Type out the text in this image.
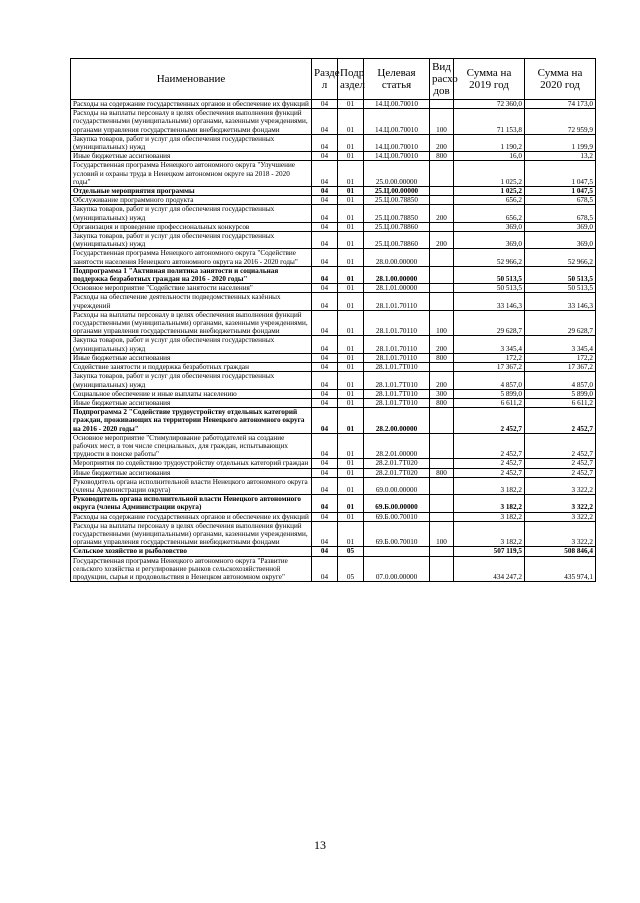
Наименование	Разде л	Подр аздел	Целевая статья	Вид расхо дов	Сумма на 2019 год	Сумма на 2020 год
Расходы на содержание государственных органов и обеспечение их функций	04	01	14.Ц.00.70010		72 360,0	74 173,0
Расходы на выплаты персоналу в целях обеспечения выполнения функций государственными (муниципальными) органами, казенными учреждениями, органами управления государственными внебюджетными фондами	04	01	14.Ц.00.70010	100	71 153,8	72 959,9
Закупка товаров, работ и услуг для обеспечения государственных (муниципальных) нужд	04	01	14.Ц.00.70010	200	1 190,2	1 199,9
Иные бюджетные ассигнования	04	01	14.Ц.00.70010	800	16,0	13,2
Государственная программа Ненецкого автономного округа "Улучшение условий и охраны труда в Ненецком автономном округе на 2018 - 2020 годы"	04	01	25.0.00.00000		1 025,2	1 047,5
Отдельные мероприятия программы	04	01	25.Ц.00.00000		1 025,2	1 047,5
Обслуживание программного продукта	04	01	25.Ц.00.78850		656,2	678,5
Закупка товаров, работ и услуг для обеспечения государственных (муниципальных) нужд	04	01	25.Ц.00.78850	200	656,2	678,5
Организация и проведение профессиональных конкурсов	04	01	25.Ц.00.78860		369,0	369,0
Закупка товаров, работ и услуг для обеспечения государственных (муниципальных) нужд	04	01	25.Ц.00.78860	200	369,0	369,0
Государственная программа Ненецкого автономного округа "Содействие занятости населения Ненецкого автономного округа на 2016 - 2020 годы"	04	01	28.0.00.00000		52 966,2	52 966,2
Подпрограмма 1 "Активная политика занятости и социальная поддержка безработных граждан на 2016 - 2020 годы"	04	01	28.1.00.00000		50 513,5	50 513,5
Основное мероприятие "Содействие занятости населения"	04	01	28.1.01.00000		50 513,5	50 513,5
Расходы на обеспечение деятельности подведомственных казённых учреждений	04	01	28.1.01.70110		33 146,3	33 146,3
Расходы на выплаты персоналу в целях обеспечения выполнения функций государственными (муниципальными) органами, казенными учреждениями, органами управления государственными внебюджетными фондами	04	01	28.1.01.70110	100	29 628,7	29 628,7
Закупка товаров, работ и услуг для обеспечения государственных (муниципальных) нужд	04	01	28.1.01.70110	200	3 345,4	3 345,4
Иные бюджетные ассигнования	04	01	28.1.01.70110	800	172,2	172,2
Содействие занятости и поддержка безработных граждан	04	01	28.1.01.7T010		17 367,2	17 367,2
Закупка товаров, работ и услуг для обеспечения государственных (муниципальных) нужд	04	01	28.1.01.7T010	200	4 857,0	4 857,0
Социальное обеспечение и иные выплаты населению	04	01	28.1.01.7T010	300	5 899,0	5 899,0
Иные бюджетные ассигнования	04	01	28.1.01.7T010	800	6 611,2	6 611,2
Подпрограмма 2 "Содействие трудоустройству отдельных категорий граждан, проживающих на территории Ненецкого автономного округа на 2016 - 2020 годы"	04	01	28.2.00.00000		2 452,7	2 452,7
Основное мероприятие "Стимулирование работодателей на создание рабочих мест, в том числе специальных, для граждан, испытывающих трудности в поиске работы"	04	01	28.2.01.00000		2 452,7	2 452,7
Мероприятия по содействию трудоустройству отдельных категорий граждан	04	01	28.2.01.7T020		2 452,7	2 452,7
Иные бюджетные ассигнования	04	01	28.2.01.7T020	800	2 452,7	2 452,7
Руководитель органа исполнительной власти Ненецкого автономного округа (члены Администрации округа)	04	01	69.0.00.00000		3 182,2	3 322,2
Руководитель органа исполнительной власти Ненецкого автономного округа (члены Администрации округа)	04	01	69.Б.00.00000		3 182,2	3 322,2
Расходы на содержание государственных органов и обеспечение их функций	04	01	69.Б.00.70010		3 182,2	3 322,2
Расходы на выплаты персоналу в целях обеспечения выполнения функций государственными (муниципальными) органами, казенными учреждениями, органами управления государственными внебюджетными фондами	04	01	69.Б.00.70010	100	3 182,2	3 322,2
Сельское хозяйство и рыболовство	04	05			507 119,5	508 846,4
Государственная программа Ненецкого автономного округа "Развитие сельского хозяйства и регулирование рынков сельскохозяйственной продукции, сырья и продовольствия в Ненецком автономном округе"	04	05	07.0.00.00000		434 247,2	435 974,1
13
